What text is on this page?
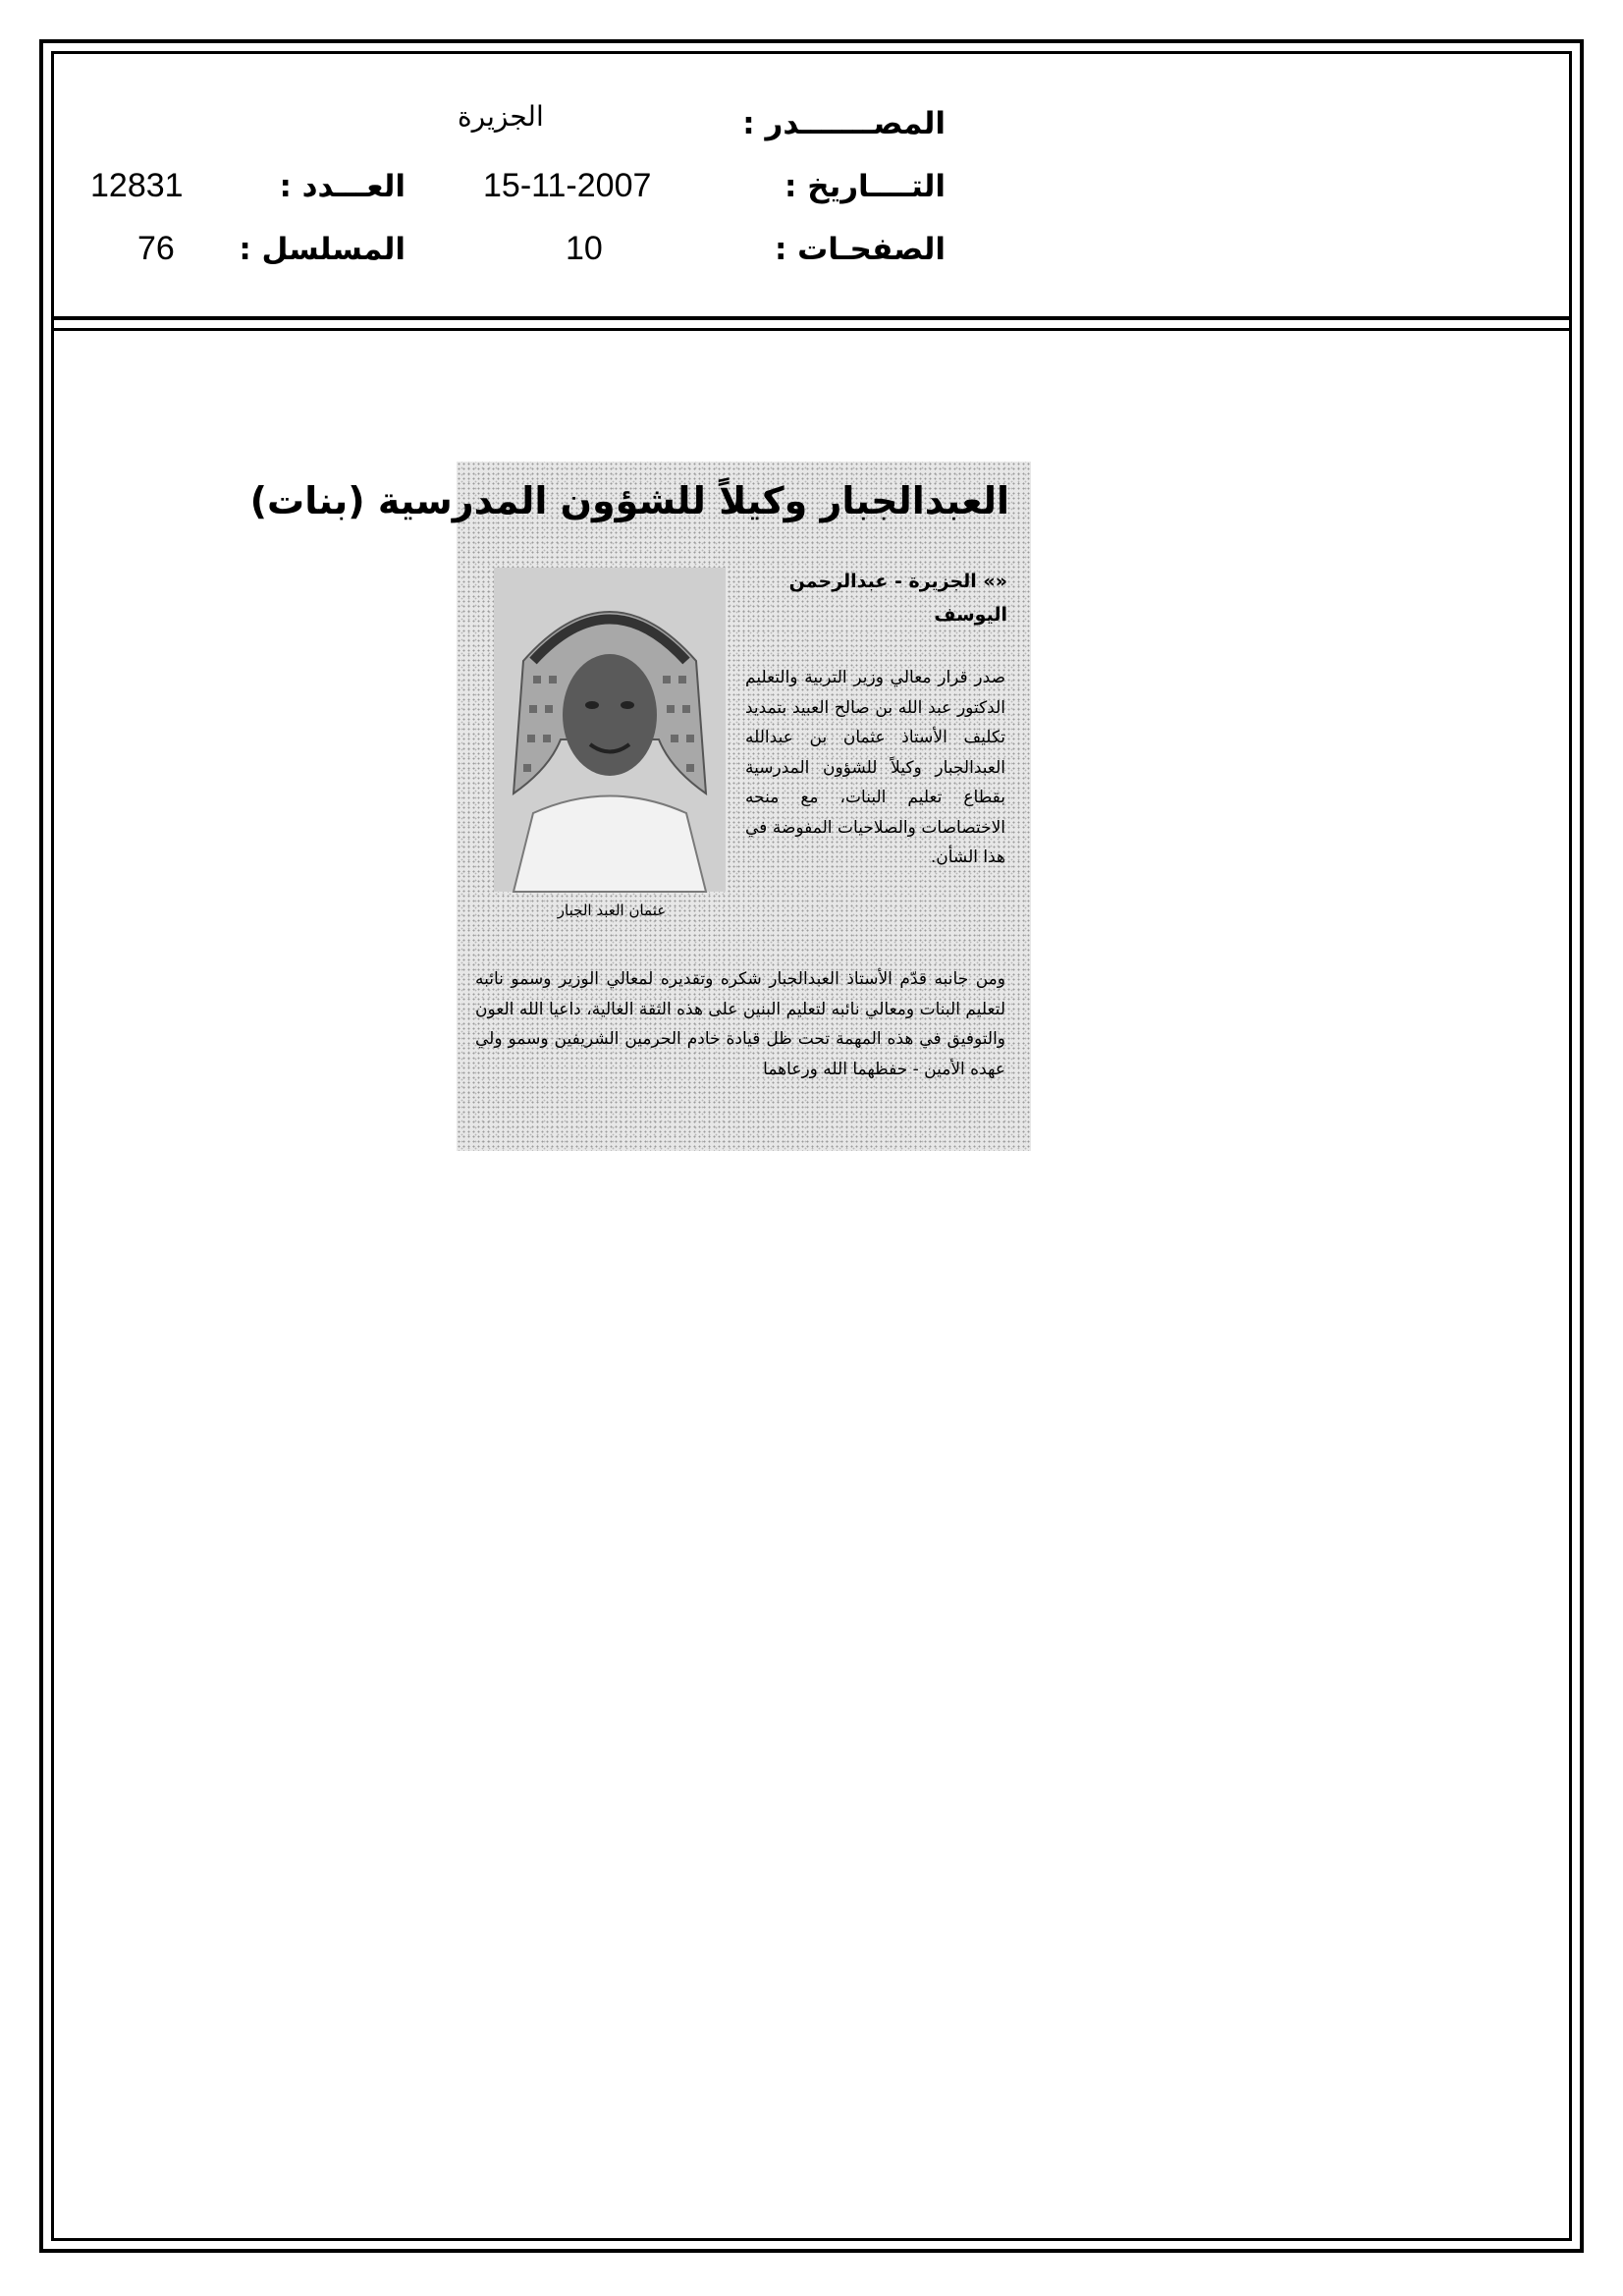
المصـــــــدر :
الجزيرة
التــــاريخ :
15-11-2007
العـــدد :
12831
الصفحـات :
10
المسلسل :
76
العبدالجبار وكيلاً للشؤون المدرسية (بنات)
«» الجزيرة - عبدالرحمن اليوسف
عثمان العبد الجبار
صدر قرار معالي وزير التربية والتعليم الدكتور عبد الله بن صالح العبيد بتمديد تكليف الأستاذ عثمان بن عبدالله العبدالجبار وكيلاً للشؤون المدرسية بقطاع تعليم البنات، مع منحه الاختصاصات والصلاحيات المفوضة في هذا الشأن.
ومن جانبه قدّم الأستاذ العبدالجبار شكره وتقديره لمعالي الوزير وسمو نائبه لتعليم البنات ومعالي نائبه لتعليم البنين على هذه الثقة الغالية، داعيا الله العون والتوفيق في هذه المهمة تحت ظل قيادة خادم الحرمين الشريفين وسمو ولي عهده الأمين - حفظهما الله ورعاهما
